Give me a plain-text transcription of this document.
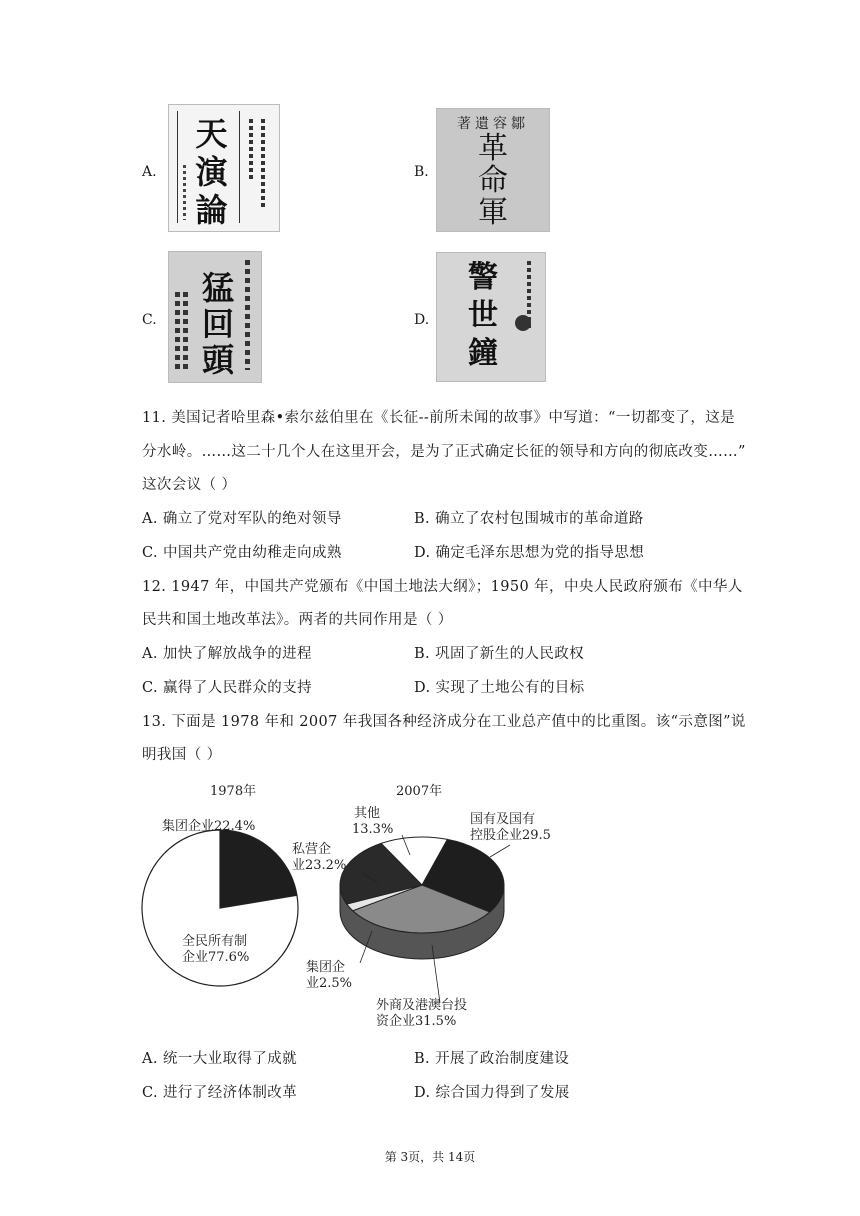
A.
天
演
論
B.
著遺容鄒
革
命
軍
C.
猛
回
頭
D.
警
世
鐘
11. 美国记者哈里森•索尔兹伯里在《长征--前所未闻的故事》中写道：“一切都变了，这是
分水岭。……这二十几个人在这里开会，是为了正式确定长征的领导和方向的彻底改变……”
这次会议（ ）
A. 确立了党对军队的绝对领导	B. 确立了农村包围城市的革命道路
C. 中国共产党由幼稚走向成熟	D. 确定毛泽东思想为党的指导思想
12. 1947 年，中国共产党颁布《中国土地法大纲》；1950 年，中央人民政府颁布《中华人
民共和国土地改革法》。两者的共同作用是（ ）
A. 加快了解放战争的进程	B. 巩固了新生的人民政权
C. 赢得了人民群众的支持	D. 实现了土地公有的目标
13. 下面是 1978 年和 2007 年我国各种经济成分在工业总产值中的比重图。该“示意图”说
明我国（ ）
1978年
集团企业22.4%
全民所有制
企业77.6%
2007年
其他
13.3%
国有及国有
控股企业29.5
私营企
业23.2%
集团企
业2.5%
外商及港澳台投
资企业31.5%
A. 统一大业取得了成就	B. 开展了政治制度建设
C. 进行了经济体制改革	D. 综合国力得到了发展
第 3页，共 14页
